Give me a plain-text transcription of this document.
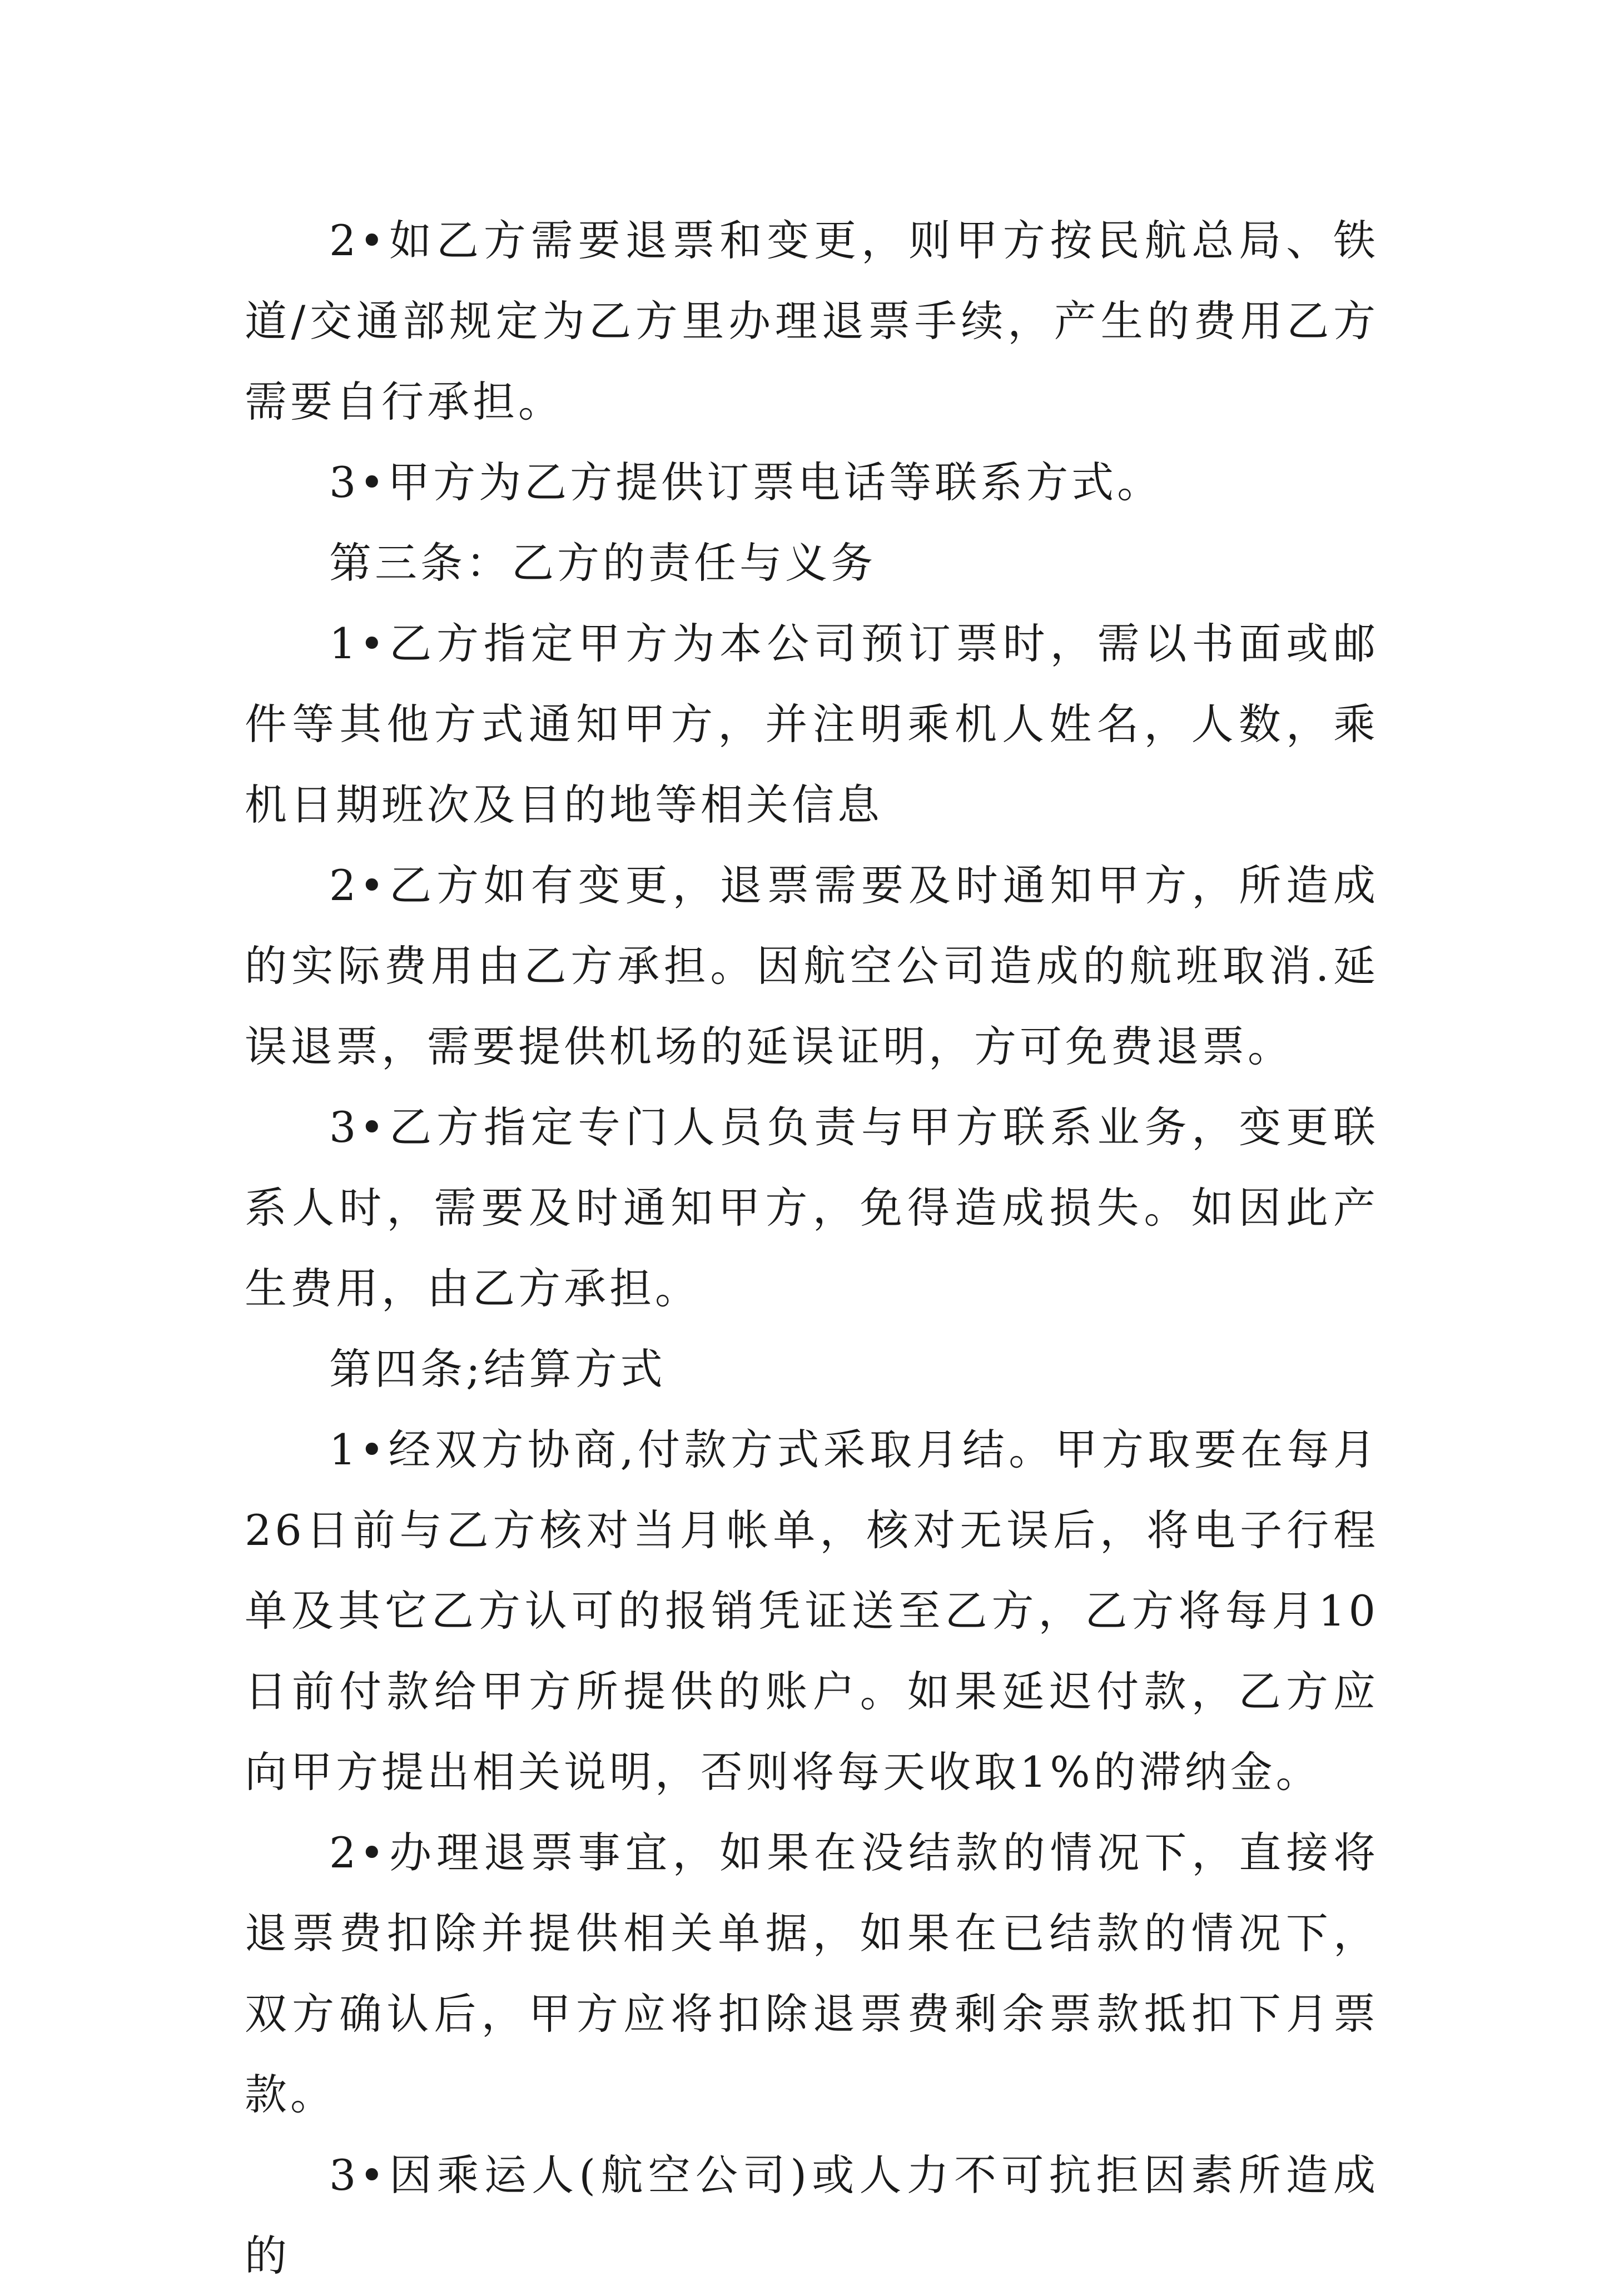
2•如乙方需要退票和变更，则甲方按民航总局、铁道/交通部规定为乙方里办理退票手续，产生的费用乙方需要自行承担。

3•甲方为乙方提供订票电话等联系方式。

第三条：乙方的责任与义务

1•乙方指定甲方为本公司预订票时，需以书面或邮件等其他方式通知甲方，并注明乘机人姓名，人数，乘机日期班次及目的地等相关信息

2•乙方如有变更，退票需要及时通知甲方，所造成的实际费用由乙方承担。因航空公司造成的航班取消.延误退票，需要提供机场的延误证明，方可免费退票。

3•乙方指定专门人员负责与甲方联系业务，变更联系人时，需要及时通知甲方，免得造成损失。如因此产生费用，由乙方承担。

第四条;结算方式

1•经双方协商,付款方式采取月结。甲方取要在每月26日前与乙方核对当月帐单，核对无误后，将电子行程单及其它乙方认可的报销凭证送至乙方，乙方将每月10日前付款给甲方所提供的账户。如果延迟付款，乙方应向甲方提出相关说明，否则将每天收取1%的滞纳金。

2•办理退票事宜，如果在没结款的情况下，直接将退票费扣除并提供相关单据，如果在已结款的情况下，双方确认后，甲方应将扣除退票费剩余票款抵扣下月票款。

3•因乘运人(航空公司)或人力不可抗拒因素所造成的
